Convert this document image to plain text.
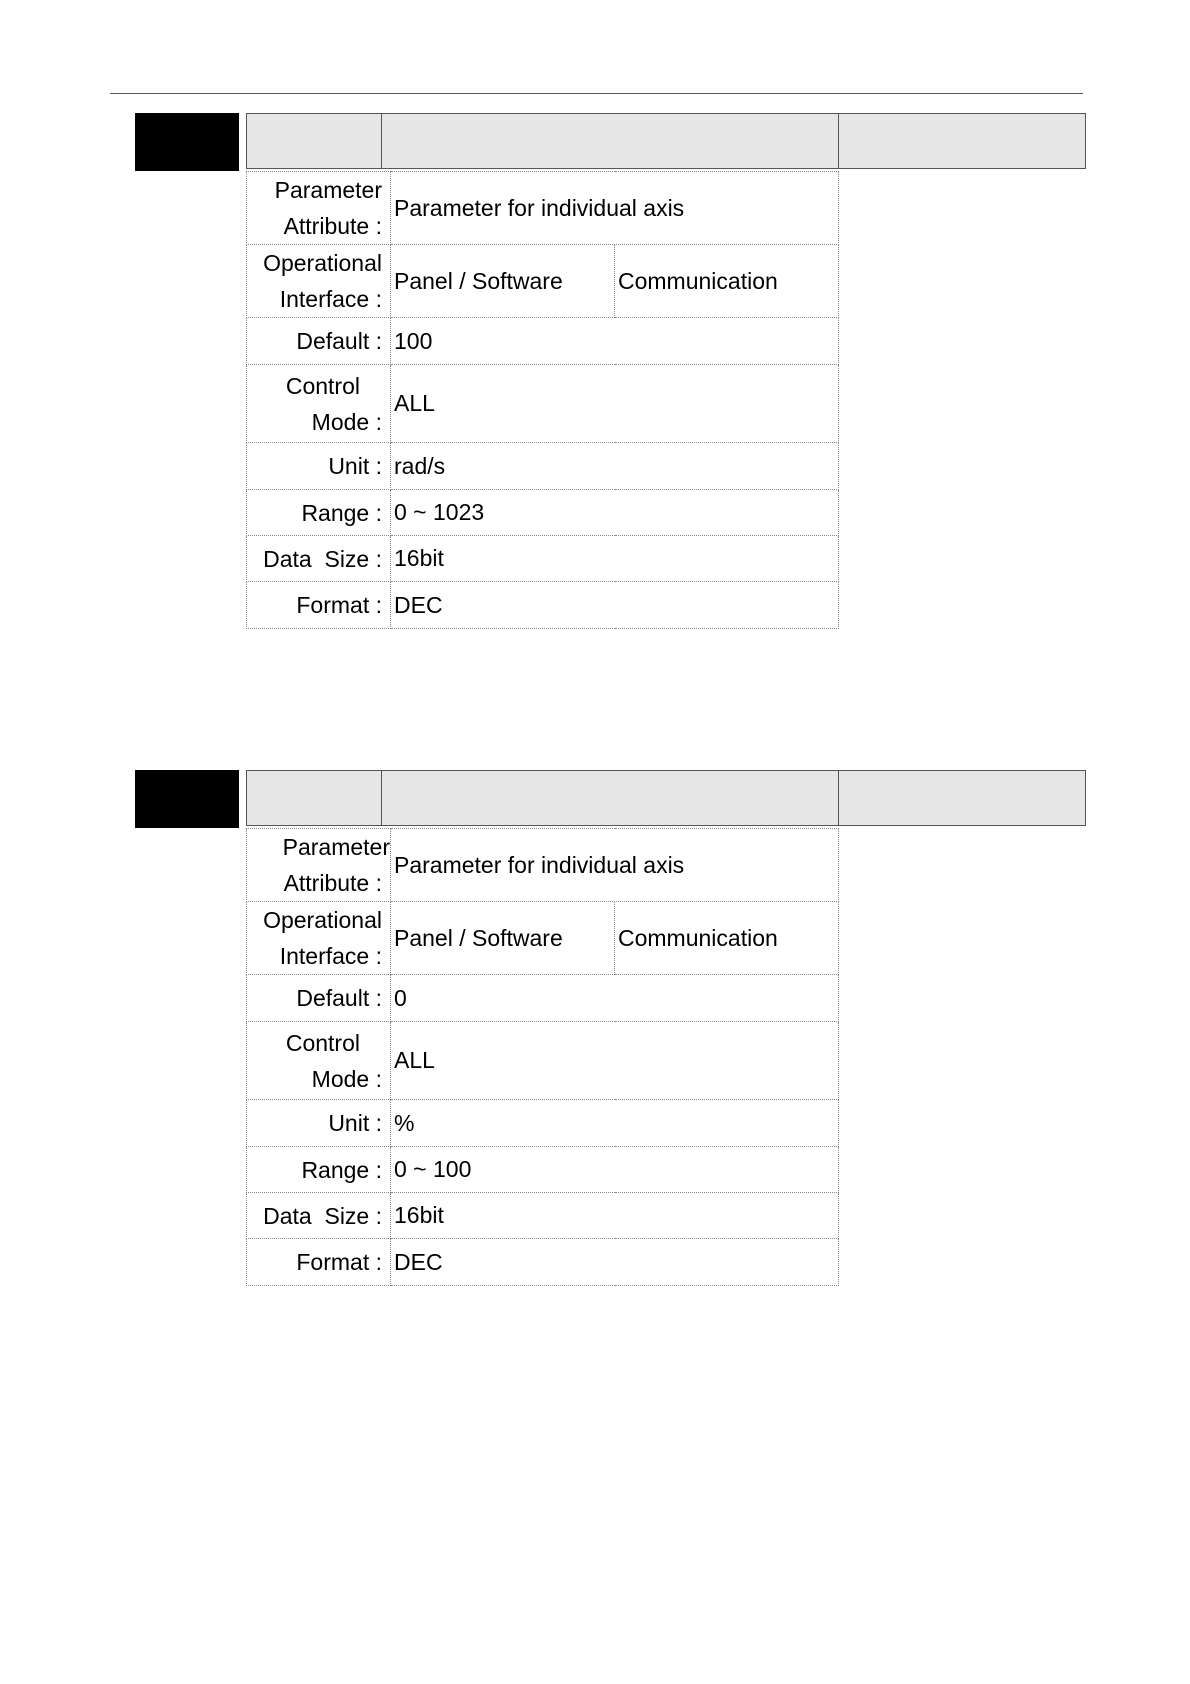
Parameter
Attribute :	Parameter for individual axis	

Operational
Interface :	Panel / Software	Communication
Default :	100	

Control
Mode :	ALL	
Unit :	rad/s	
Range :	0 ~ 1023	
Data  Size :	16bit	
Format :	DEC	
Parameter
Attribute :	Parameter for individual axis	

Operational
Interface :	Panel / Software	Communication
Default :	0	

Control
Mode :	ALL	
Unit :	%	
Range :	0 ~ 100	
Data  Size :	16bit	
Format :	DEC	
